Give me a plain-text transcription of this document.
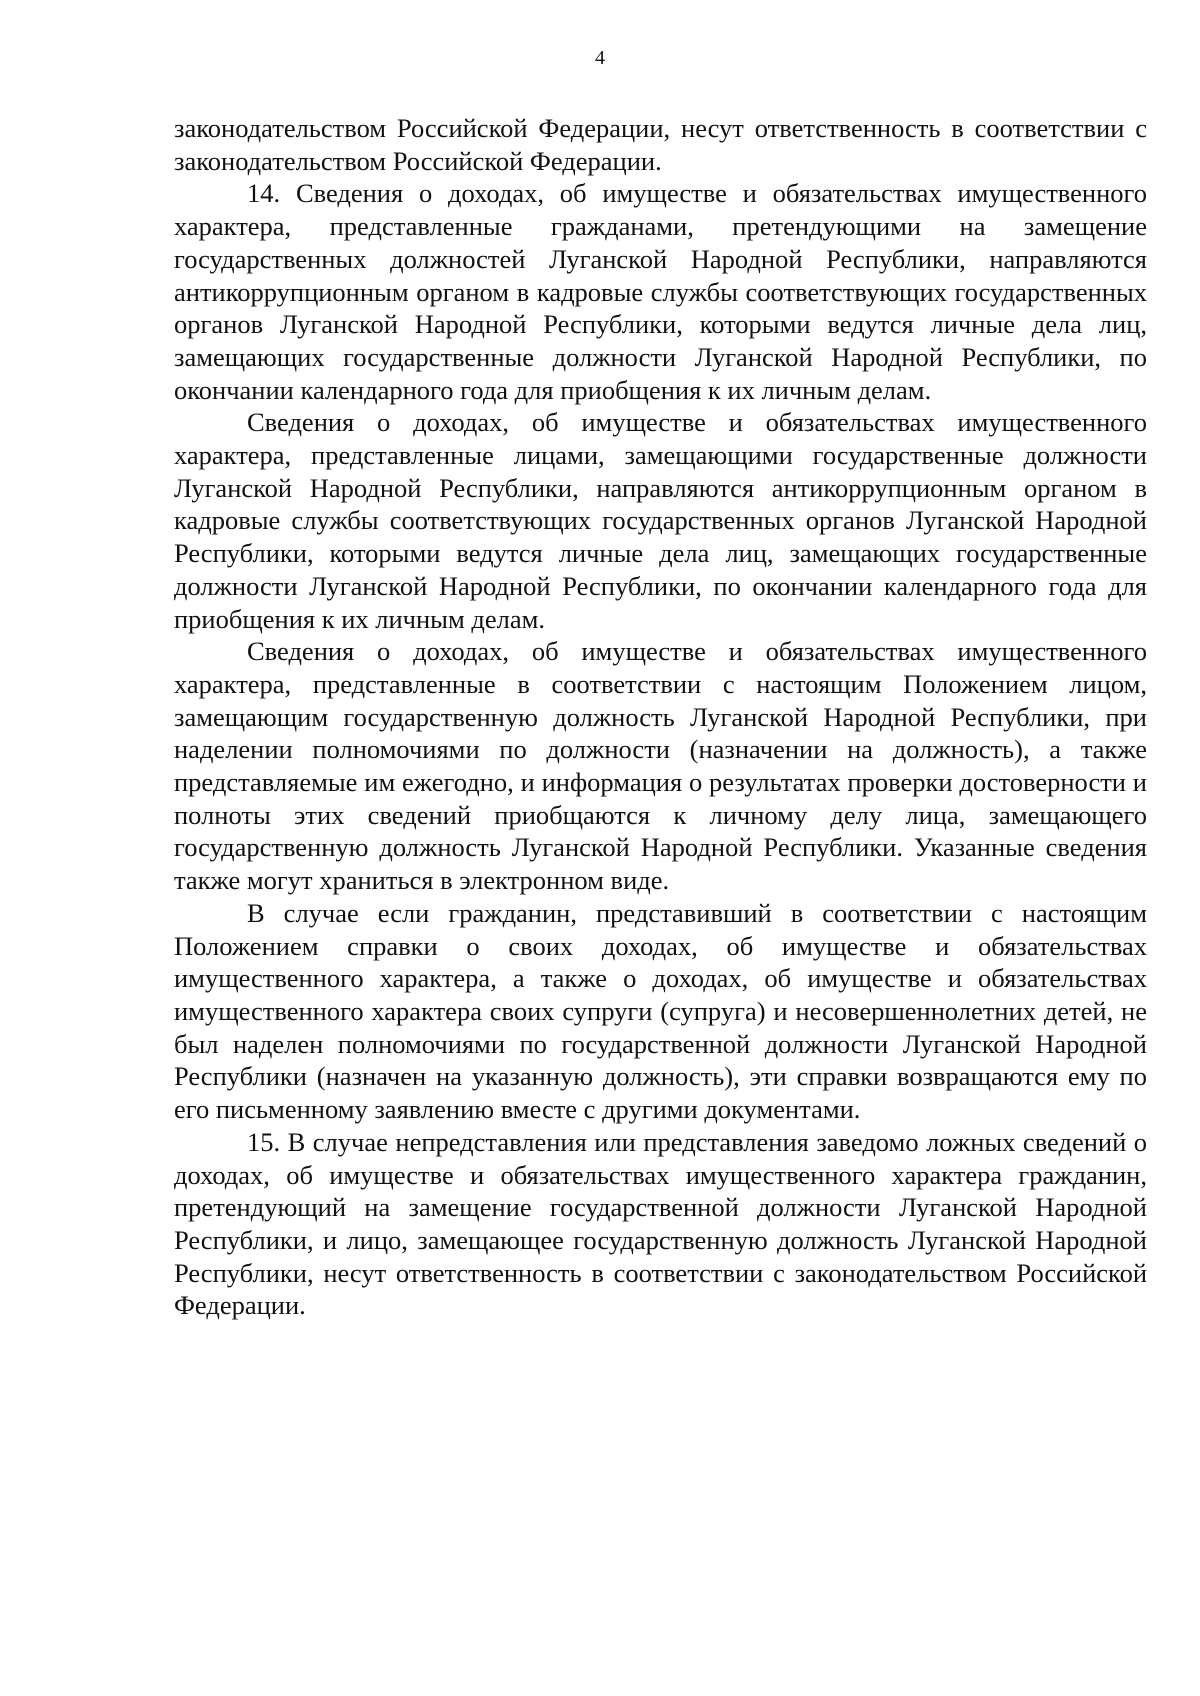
4

законодательством Российской Федерации, несут ответственность в соответствии с законодательством Российской Федерации.

14. Сведения о доходах, об имуществе и обязательствах имущественного характера, представленные гражданами, претендующими на замещение государственных должностей Луганской Народной Республики, направляются антикоррупционным органом в кадровые службы соответствующих государственных органов Луганской Народной Республики, которыми ведутся личные дела лиц, замещающих государственные должности Луганской Народной Республики, по окончании календарного года для приобщения к их личным делам.

Сведения о доходах, об имуществе и обязательствах имущественного характера, представленные лицами, замещающими государственные должности Луганской Народной Республики, направляются антикоррупционным органом в кадровые службы соответствующих государственных органов Луганской Народной Республики, которыми ведутся личные дела лиц, замещающих государственные должности Луганской Народной Республики, по окончании календарного года для приобщения к их личным делам.

Сведения о доходах, об имуществе и обязательствах имущественного характера, представленные в соответствии с настоящим Положением лицом, замещающим государственную должность Луганской Народной Республики, при наделении полномочиями по должности (назначении на должность), а также представляемые им ежегодно, и информация о результатах проверки достоверности и полноты этих сведений приобщаются к личному делу лица, замещающего государственную должность Луганской Народной Республики. Указанные сведения также могут храниться в электронном виде.

В случае если гражданин, представивший в соответствии с настоящим Положением справки о своих доходах, об имуществе и обязательствах имущественного характера, а также о доходах, об имуществе и обязательствах имущественного характера своих супруги (супруга) и несовершеннолетних детей, не был наделен полномочиями по государственной должности Луганской Народной Республики (назначен на указанную должность), эти справки возвращаются ему по его письменному заявлению вместе с другими документами.

15. В случае непредставления или представления заведомо ложных сведений о доходах, об имуществе и обязательствах имущественного характера гражданин, претендующий на замещение государственной должности Луганской Народной Республики, и лицо, замещающее государственную должность Луганской Народной Республики, несут ответственность в соответствии с законодательством Российской Федерации.
